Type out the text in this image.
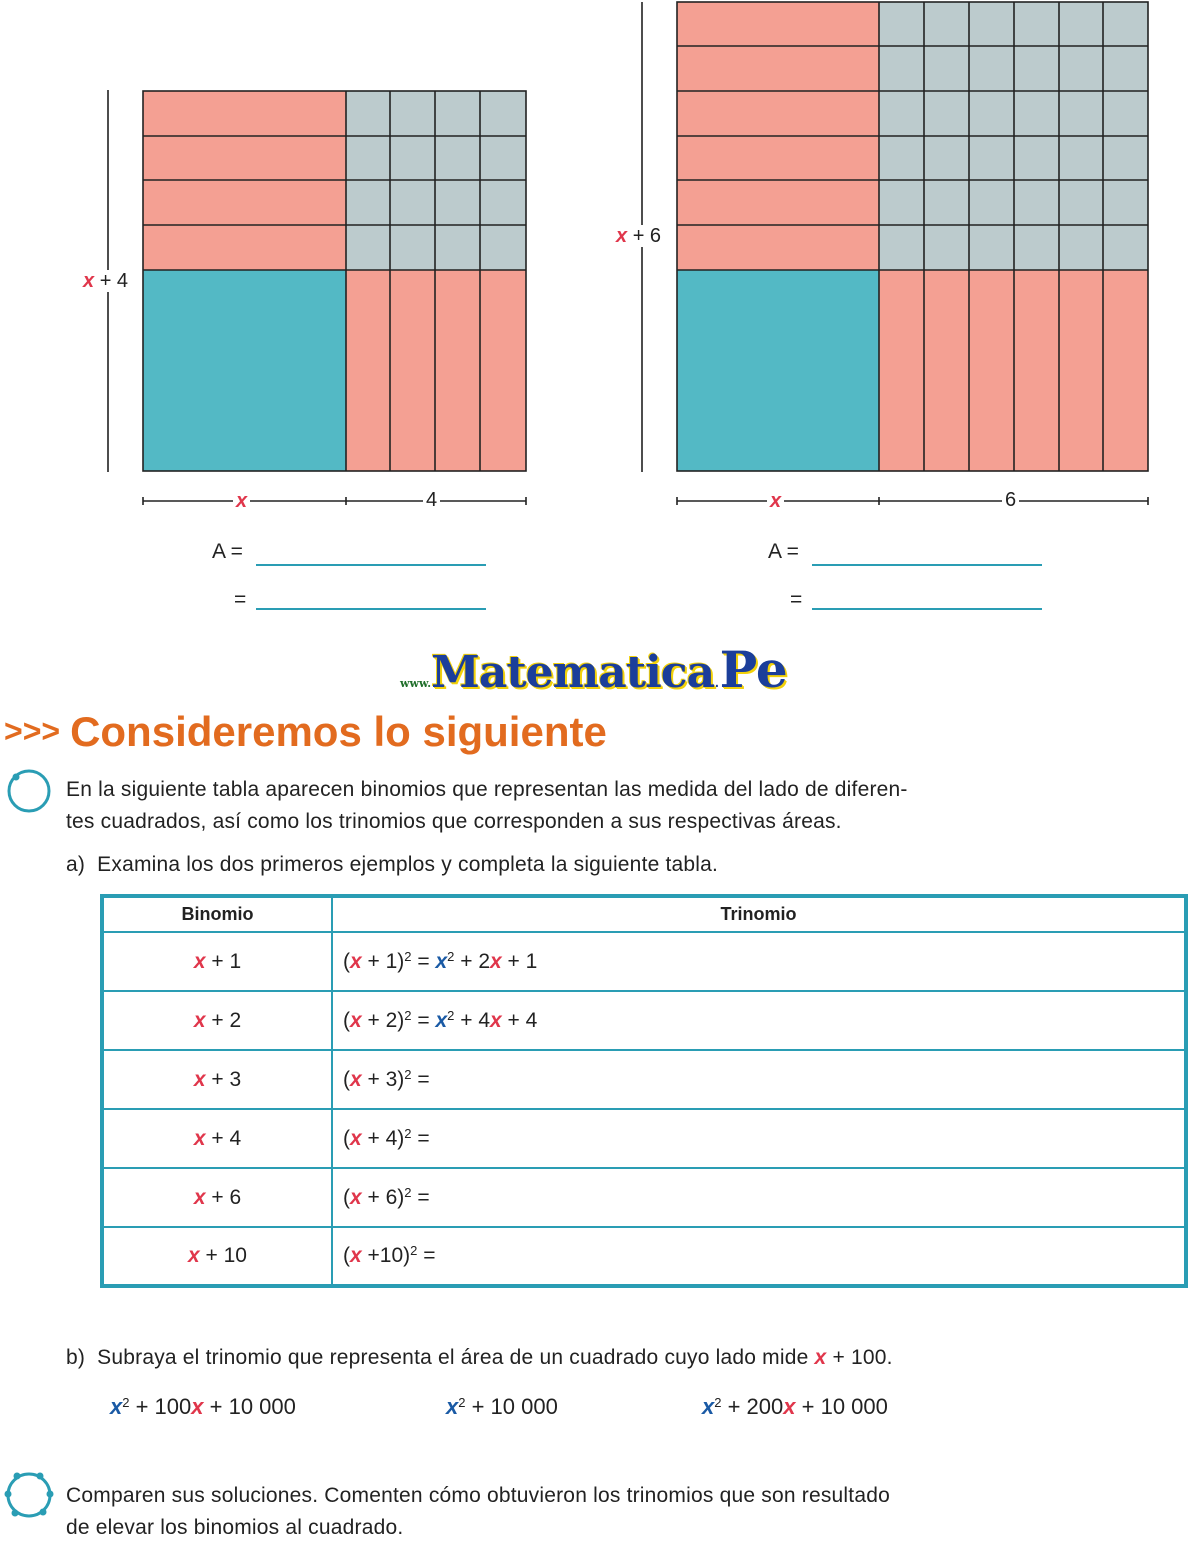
x + 4
x	4
A =
=
x + 6
x	6
A =
=
www.Matematica.Pe
>>> Consideremos lo siguiente
En la siguiente tabla aparecen binomios que representan las medida del lado de diferen-
tes cuadrados, así como los trinomios que corresponden a sus respectivas áreas.
a) Examina los dos primeros ejemplos y completa la siguiente tabla.
Binomio	Trinomio
x + 1	$(x + 1)^2 = x^2 + 2x + 1$
x + 2	$(x + 2)^2 = x^2 + 4x + 4$
x + 3	$(x + 3)^2$ =
x + 4	$(x + 4)^2$ =
x + 6	$(x + 6)^2$ =
x + 10	$(x +10)^2$ =
b) Subraya el trinomio que representa el área de un cuadrado cuyo lado mide x + 100.
$x^2 + 100x + 10$ 000	$x^2 + 10$ 000	$x^2 + 200x + 10$ 000
Comparen sus soluciones. Comenten cómo obtuvieron los trinomios que son resultado
de elevar los binomios al cuadrado.
